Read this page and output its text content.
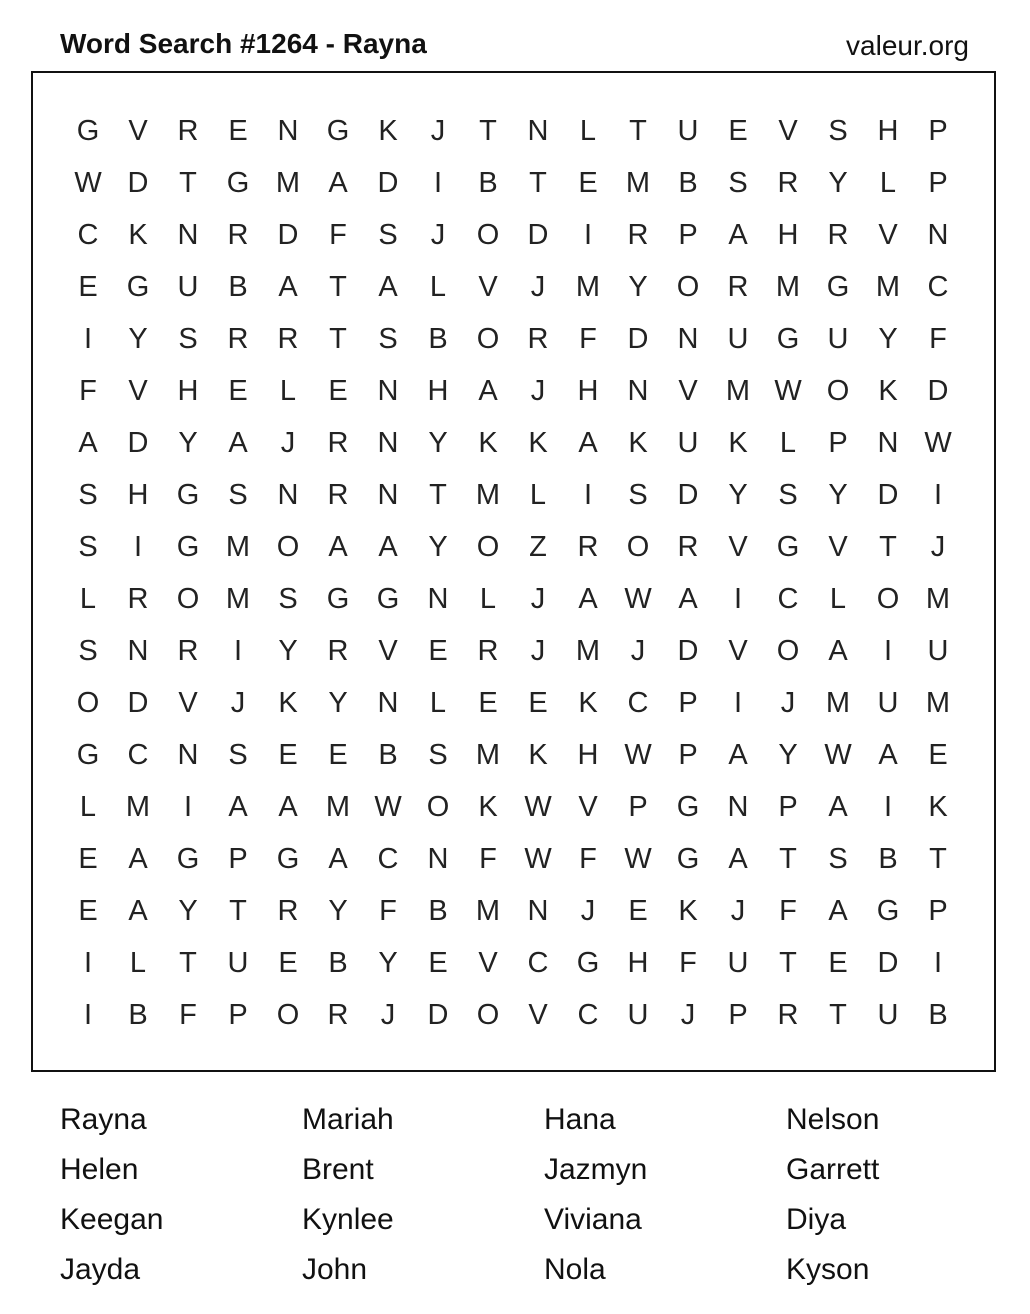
Word Search #1264 - Rayna	valeur.org
G	V	R	E	N G	K	J	T	N	L	T	U	E	V	S	H	P
W D	T	G M A	D	I	B	T	E M B	S	R	Y	L	P
C	K	N	R	D	F	S	J	O D	I	R	P	A	H	R	V	N
E	G U	B	A	T	A	L	V	J	M Y	O R M G M C
I	Y	S	R	R	T	S	B	O R	F	D	N	U G U	Y	F
F	V	H	E	L	E	N	H	A	J	H	N	V M W O	K	D
A	D	Y	A	J	R	N	Y	K	K	A	K	U	K	L	P	N W
S	H G	S	N	R	N	T	M	L	I	S	D	Y	S	Y	D	I
S	I	G M O	A	A	Y	O	Z	R O R	V	G	V	T	J
L	R O M S	G G N	L	J	A W A	I	C	L	O M
S	N	R	I	Y	R	V	E	R	J	M	J	D	V	O	A	I	U
O D	V	J	K	Y	N	L	E	E	K	C	P	I	J	M U M
G C	N	S	E	E	B	S M K	H W P	A	Y W A	E
L	M	I	A	A M W O	K W V	P	G N	P	A	I	K
E	A	G	P	G	A	C	N	F W F W G	A	T	S	B	T
E	A	Y	T	R	Y	F	B M N	J	E	K	J	F	A	G	P
I	L	T	U	E	B	Y	E	V	C G H	F	U	T	E	D	I
I	B	F	P	O R	J	D O	V	C	U	J	P	R	T	U	B
Rayna	Mariah	Hana	Nelson
Helen	Brent	Jazmyn	Garrett
Keegan	Kynlee	Viviana	Diya
Jayda	John	Nola	Kyson
